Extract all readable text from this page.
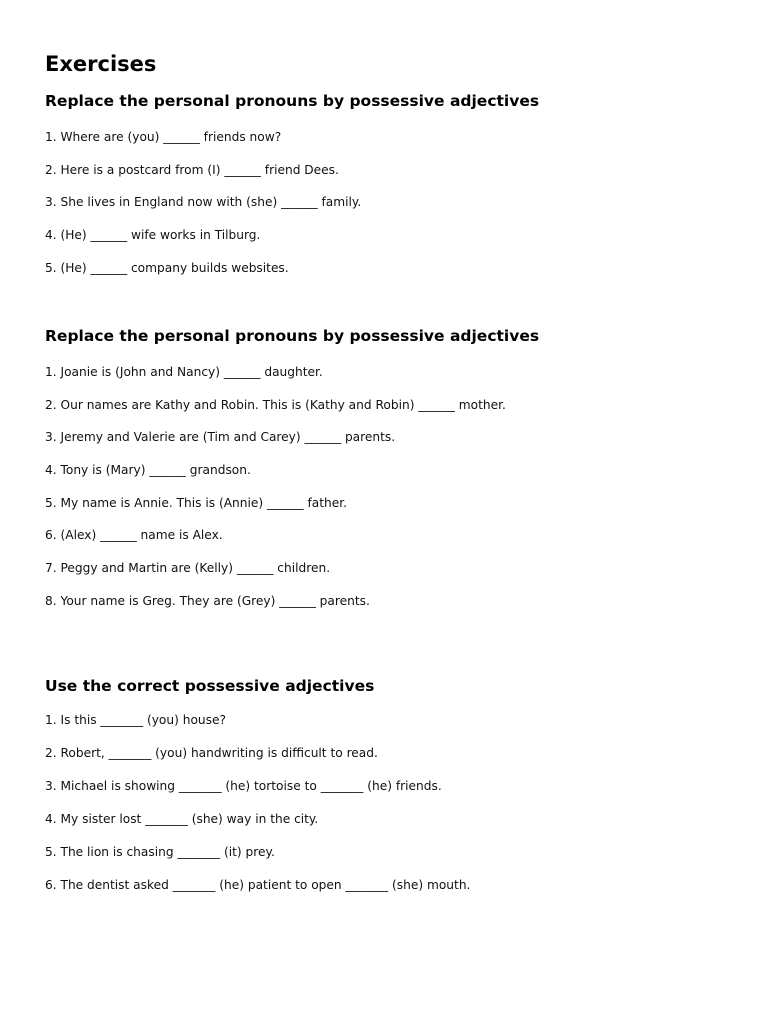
Exercises
Replace the personal pronouns by possessive adjectives
1. Where are (you) ______ friends now?
2. Here is a postcard from (I) ______ friend Dees.
3. She lives in England now with (she) ______ family.
4. (He) ______ wife works in Tilburg.
5. (He) ______ company builds websites.
Replace the personal pronouns by possessive adjectives
1. Joanie is (John and Nancy) ______ daughter.
2. Our names are Kathy and Robin. This is (Kathy and Robin) ______ mother.
3. Jeremy and Valerie are (Tim and Carey) ______ parents.
4. Tony is (Mary) ______ grandson.
5. My name is Annie. This is (Annie) ______ father.
6. (Alex) ______ name is Alex.
7. Peggy and Martin are (Kelly) ______ children.
8. Your name is Greg. They are (Grey) ______ parents.
Use the correct possessive adjectives
1. Is this _______ (you) house?
2. Robert, _______ (you) handwriting is difficult to read.
3. Michael is showing _______ (he) tortoise to _______ (he) friends.
4. My sister lost _______ (she) way in the city.
5. The lion is chasing _______ (it) prey.
6. The dentist asked _______ (he) patient to open _______ (she) mouth.
